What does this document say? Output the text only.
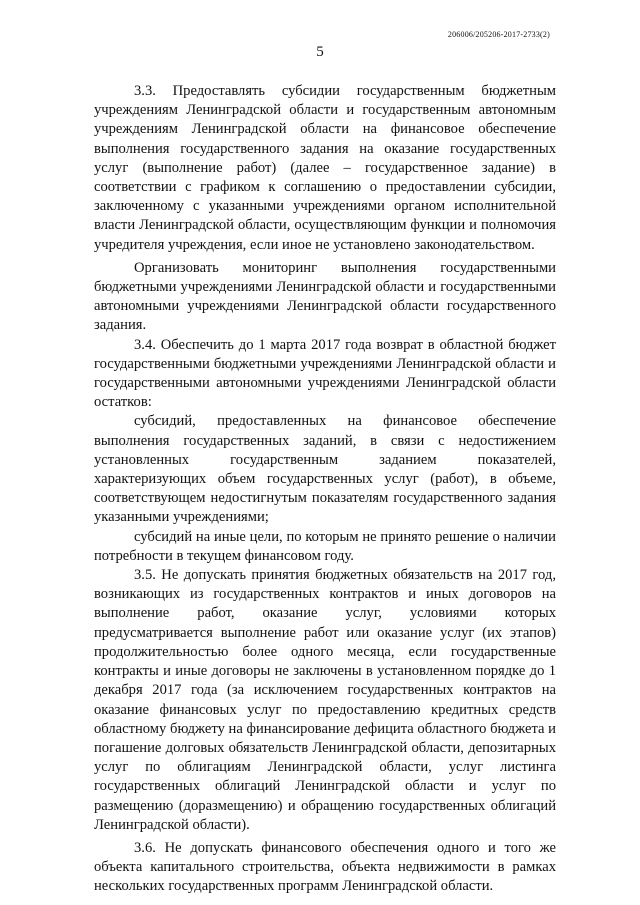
206006/205206-2017-2733(2)
5

3.3. Предоставлять субсидии государственным бюджетным учреждениям Ленинградской области и государственным автономным учреждениям Ленинградской области на финансовое обеспечение выполнения государственного задания на оказание государственных услуг (выполнение работ) (далее – государственное задание) в соответствии с графиком к соглашению о предоставлении субсидии, заключенному с указанными учреждениями органом исполнительной власти Ленинградской области, осуществляющим функции и полномочия учредителя учреждения, если иное не установлено законодательством.

Организовать мониторинг выполнения государственными бюджетными учреждениями Ленинградской области и государственными автономными учреждениями Ленинградской области государственного задания.

3.4. Обеспечить до 1 марта 2017 года возврат в областной бюджет государственными бюджетными учреждениями Ленинградской области и государственными автономными учреждениями Ленинградской области остатков:

субсидий, предоставленных на финансовое обеспечение выполнения государственных заданий, в связи с недостижением установленных государственным заданием показателей, характеризующих объем государственных услуг (работ), в объеме, соответствующем недостигнутым показателям государственного задания указанными учреждениями;

субсидий на иные цели, по которым не принято решение о наличии потребности в текущем финансовом году.

3.5. Не допускать принятия бюджетных обязательств на 2017 год, возникающих из государственных контрактов и иных договоров на выполнение работ, оказание услуг, условиями которых предусматривается выполнение работ или оказание услуг (их этапов) продолжительностью более одного месяца, если государственные контракты и иные договоры не заключены в установленном порядке до 1 декабря 2017 года (за исключением государственных контрактов на оказание финансовых услуг по предоставлению кредитных средств областному бюджету на финансирование дефицита областного бюджета и погашение долговых обязательств Ленинградской области, депозитарных услуг по облигациям Ленинградской области, услуг листинга государственных облигаций Ленинградской области и услуг по размещению (доразмещению) и обращению государственных облигаций Ленинградской области).

3.6. Не допускать финансового обеспечения одного и того же объекта капитального строительства, объекта недвижимости в рамках нескольких государственных программ Ленинградской области.
